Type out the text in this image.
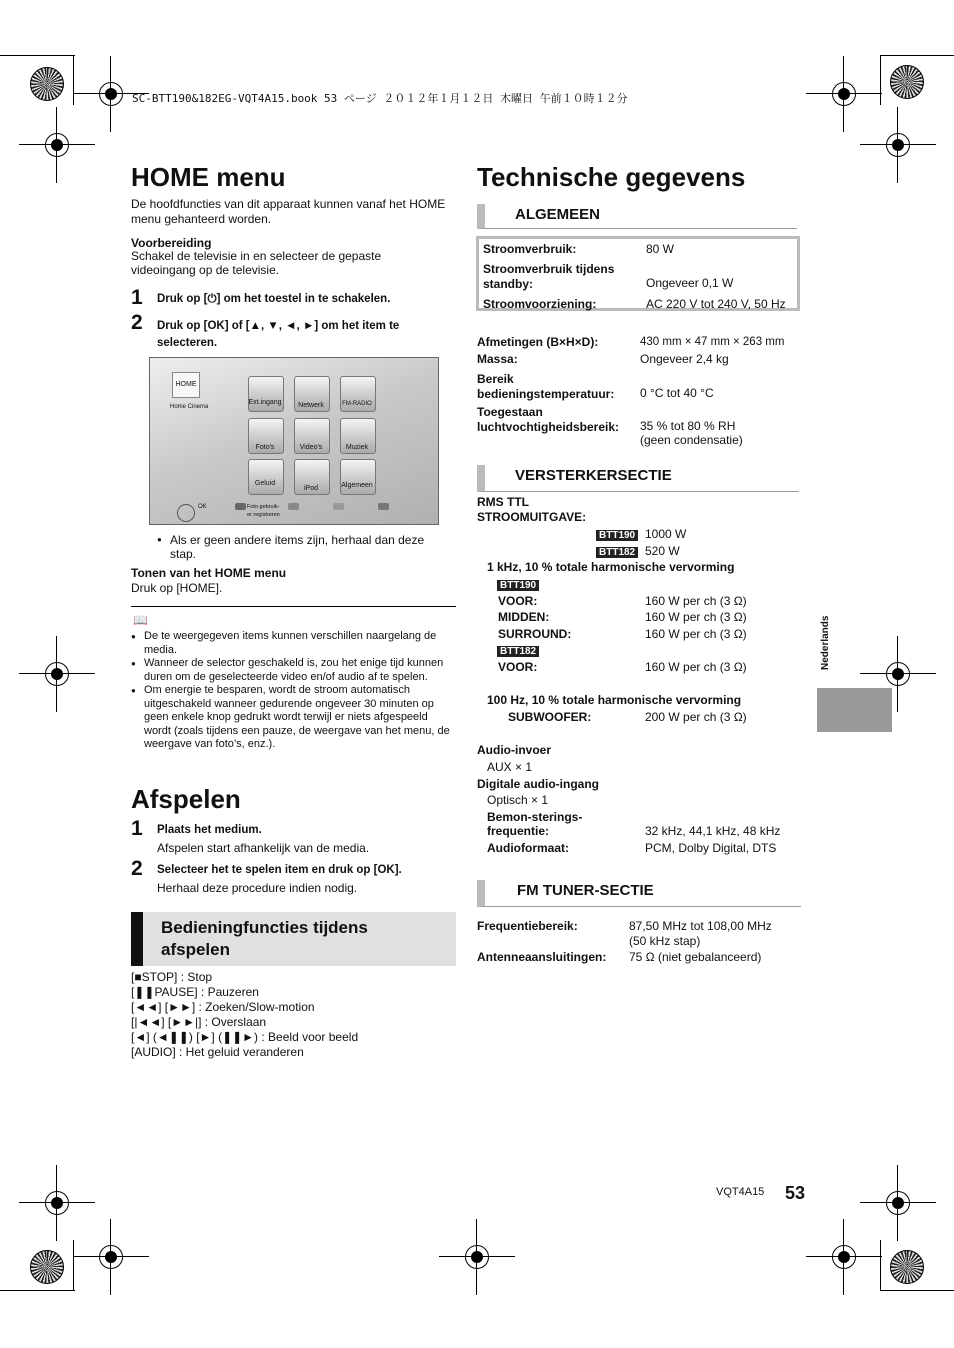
SC-BTT190&182EG-VQT4A15.book 53 ページ ２０１２年１月１２日 木曜日 午前１０時１２分
HOME menu
De hoofdfuncties van dit apparaat kunnen vanaf het HOME menu gehanteerd worden.
Voorbereiding
Schakel de televisie in en selecteer de gepaste videoingang op de televisie.
1 Druk op [⏻] om het toestel in te schakelen.
2 Druk op [OK] of [▲, ▼, ◄, ►] om het item te selecteren.
HOME
Home Cinema
Ext.ingang	Netwerk	FM-RADIO
Foto's	Video's	Muziek
Geluid
iPod	Algemeen
OK	Foto gebruik-
er registreren
● Als er geen andere items zijn, herhaal dan deze stap.
Tonen van het HOME menu
Druk op [HOME].
📖
● De te weergegeven items kunnen verschillen naargelang de media.
● Wanneer de selector geschakeld is, zou het enige tijd kunnen duren om de geselecteerde video en/of audio af te spelen.
● Om energie te besparen, wordt de stroom automatisch uitgeschakeld wanneer gedurende ongeveer 30 minuten op geen enkele knop gedrukt wordt terwijl er niets afgespeeld wordt (zoals tijdens een pauze, de weergave van het menu, de weergave van foto’s, enz.).
Afspelen
1 Plaats het medium.
Afspelen start afhankelijk van de media.
2 Selecteer het te spelen item en druk op [OK].
Herhaal deze procedure indien nodig.
Bedieningfuncties tijdens
afspelen
[■STOP] : Stop
[❚❚PAUSE] : Pauzeren
[◄◄] [►►] : Zoeken/Slow-motion
[|◄◄] [►►|] : Overslaan
[◄] (◄❚❚) [►] (❚❚►) : Beeld voor beeld
[AUDIO] : Het geluid veranderen
Technische gegevens
ALGEMEEN
Stroomverbruik:	80 W
Stroomverbruik tijdens standby:	Ongeveer 0,1 W
Stroomvoorziening:	AC 220 V tot 240 V, 50 Hz
Afmetingen (B×H×D):	430 mm × 47 mm × 263 mm
Massa:	Ongeveer 2,4 kg
Bereik bedieningstemperatuur:	0 °C tot 40 °C
Toegestaan luchtvochtigheidsbereik:	35 % tot 80 % RH
(geen condensatie)
VERSTERKERSECTIE
RMS TTL
STROOMUITGAVE:
BTT190 1000 W
BTT182 520 W
1 kHz, 10 % totale harmonische vervorming
BTT190
VOOR:	160 W per ch (3 Ω)
MIDDEN:	160 W per ch (3 Ω)
SURROUND:	160 W per ch (3 Ω)
BTT182
VOOR:	160 W per ch (3 Ω)
100 Hz, 10 % totale harmonische vervorming
SUBWOOFER:	200 W per ch (3 Ω)
Audio-invoer
AUX × 1
Digitale audio-ingang
Optisch × 1
Bemon-sterings-
frequentie:	32 kHz, 44,1 kHz, 48 kHz
Audioformaat:	PCM, Dolby Digital, DTS
FM TUNER-SECTIE
Frequentiebereik:	87,50 MHz tot 108,00 MHz
(50 kHz stap)
Antenneaansluitingen: 75 Ω (niet gebalanceerd)
Nederlands
VQT4A15 53
